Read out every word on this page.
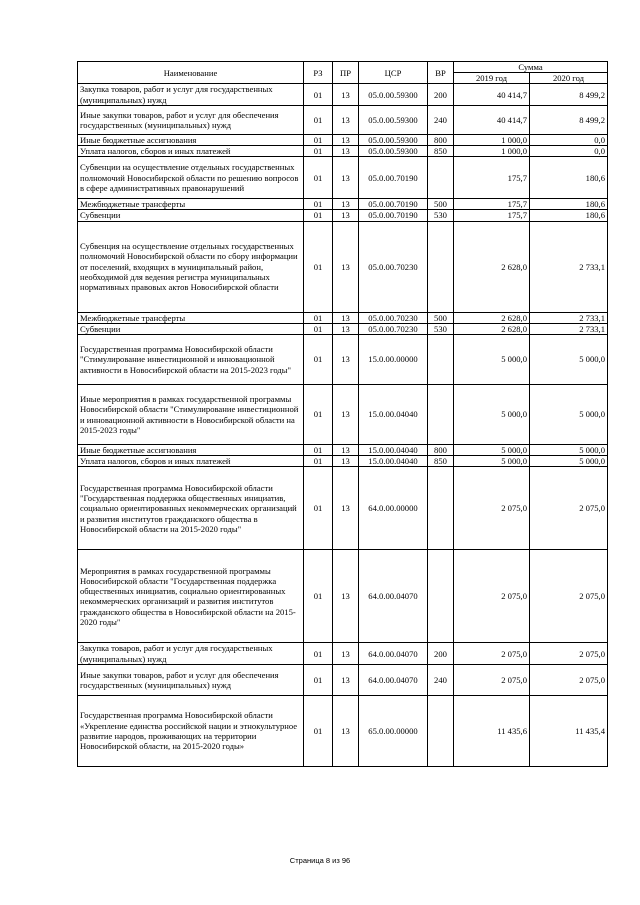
Наименование	РЗ	ПР	ЦСР	ВР	Сумма	
					2019 год	2020 год
Закупка товаров, работ и услуг для государственных (муниципальных) нужд	01	13	05.0.00.59300	200	40 414,7	8 499,2
Иные закупки товаров, работ и услуг для обеспечения государственных (муниципальных) нужд	01	13	05.0.00.59300	240	40 414,7	8 499,2
Иные бюджетные ассигнования	01	13	05.0.00.59300	800	1 000,0	0,0
Уплата налогов, сборов и иных платежей	01	13	05.0.00.59300	850	1 000,0	0,0
Субвенции на осуществление отдельных государственных полномочий Новосибирской области по решению вопросов в сфере административных правонарушений	01	13	05.0.00.70190		175,7	180,6
Межбюджетные трансферты	01	13	05.0.00.70190	500	175,7	180,6
Субвенции	01	13	05.0.00.70190	530	175,7	180,6
Субвенция на осуществление отдельных государственных полномочий Новосибирской области по сбору информации от поселений, входящих в муниципальный район, необходимой для ведения регистра муниципальных нормативных правовых актов Новосибирской области	01	13	05.0.00.70230		2 628,0	2 733,1
Межбюджетные трансферты	01	13	05.0.00.70230	500	2 628,0	2 733,1
Субвенции	01	13	05.0.00.70230	530	2 628,0	2 733,1
Государственная программа Новосибирской области "Стимулирование инвестиционной и инновационной активности в Новосибирской области на 2015-2023 годы"	01	13	15.0.00.00000		5 000,0	5 000,0
Иные мероприятия в рамках государственной программы Новосибирской области "Стимулирование инвестиционной и инновационной активности в Новосибирской области на 2015-2023 годы"	01	13	15.0.00.04040		5 000,0	5 000,0
Иные бюджетные ассигнования	01	13	15.0.00.04040	800	5 000,0	5 000,0
Уплата налогов, сборов и иных платежей	01	13	15.0.00.04040	850	5 000,0	5 000,0
Государственная программа Новосибирской области "Государственная поддержка общественных инициатив, социально ориентированных некоммерческих организаций и развития институтов гражданского общества в Новосибирской области на 2015-2020 годы"	01	13	64.0.00.00000		2 075,0	2 075,0
Мероприятия в рамках государственной программы Новосибирской области "Государственная поддержка общественных инициатив, социально ориентированных некоммерческих организаций и развития институтов гражданского общества в Новосибирской области на 2015-2020 годы"	01	13	64.0.00.04070		2 075,0	2 075,0
Закупка товаров, работ и услуг для государственных (муниципальных) нужд	01	13	64.0.00.04070	200	2 075,0	2 075,0
Иные закупки товаров, работ и услуг для обеспечения государственных (муниципальных) нужд	01	13	64.0.00.04070	240	2 075,0	2 075,0
Государственная программа Новосибирской области «Укрепление единства российской нации и этнокультурное развитие народов, проживающих на территории Новосибирской области, на 2015-2020 годы»	01	13	65.0.00.00000		11 435,6	11 435,4
Страница 8 из 96
